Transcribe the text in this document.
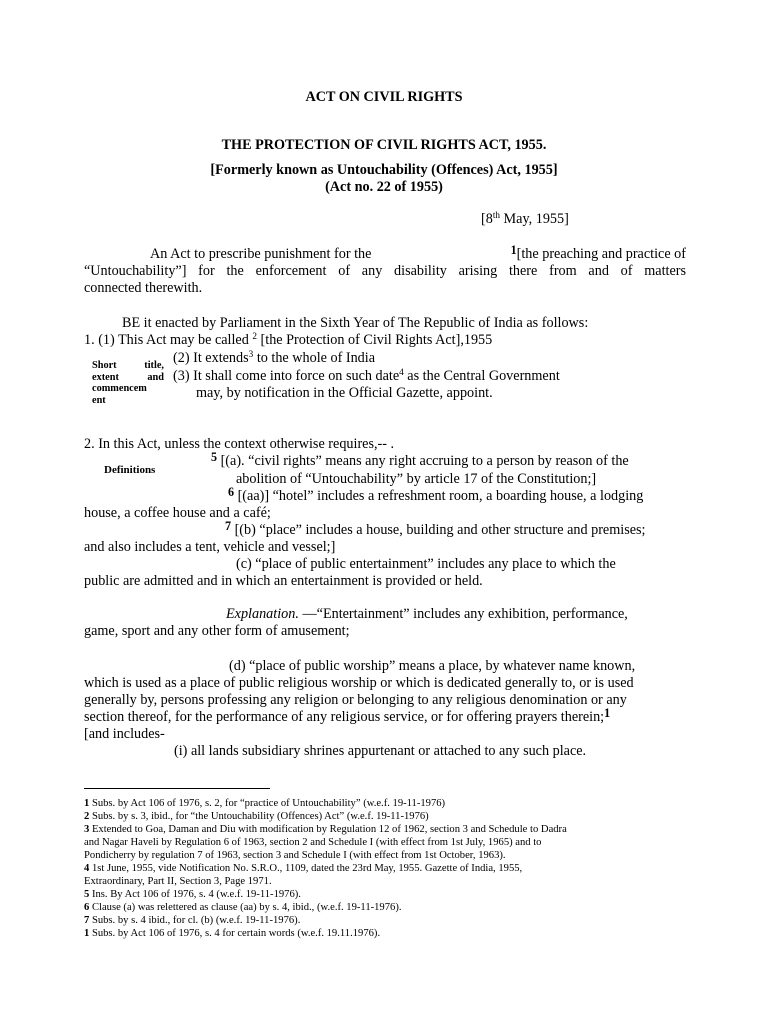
ACT ON CIVIL RIGHTS
THE PROTECTION OF CIVIL RIGHTS ACT, 1955.
[Formerly known as Untouchability (Offences) Act, 1955]
(Act no. 22 of 1955)
[8th May, 1955]
An Act to prescribe punishment for the	$^1$[the preaching and practice of
“Untouchability”] for the enforcement of any disability arising there from and of matters
connected therewith.
BE it enacted by Parliament in the Sixth Year of The Republic of India as follows:
1. (1) This Act may be called $^2$ [the Protection of Civil Rights Act],1955
(2) It extends$^3$ to the whole of India
(3) It shall come into force on such date$^4$ as the Central Government
may, by notification in the Official Gazette, appoint.
Short	title,
extent	and
commencem
ent
2. In this Act, unless the context otherwise requires,-- .
Definitions
$^5$ [(a). “civil rights” means any right accruing to a person by reason of the
abolition of “Untouchability” by article 17 of the Constitution;]
$^6$ [(aa)] “hotel” includes a refreshment room, a boarding house, a lodging
house, a coffee house and a café;
$^7$ [(b) “place” includes a house, building and other structure and premises;
and also includes a tent, vehicle and vessel;]
(c) “place of public entertainment” includes any place to which the
public are admitted and in which an entertainment is provided or held.
Explanation. —“Entertainment” includes any exhibition, performance,
game, sport and any other form of amusement;
(d) “place of public worship” means a place, by whatever name known,
which is used as a place of public religious worship or which is dedicated generally to, or is used
generally by, persons professing any religion or belonging to any religious denomination or any
section thereof, for the performance of any religious service, or for offering prayers therein;$^1$
[and includes-
(i) all lands subsidiary shrines appurtenant or attached to any such place.
1 Subs. by Act 106 of 1976, s. 2, for “practice of Untouchability” (w.e.f. 19-11-1976)
2 Subs. by s. 3, ibid., for “the Untouchability (Offences) Act” (w.e.f. 19-11-1976)
3 Extended to Goa, Daman and Diu with modification by Regulation 12 of 1962, section 3 and Schedule to Dadra
and Nagar Haveli by Regulation 6 of 1963, section 2 and Schedule I (with effect from 1st July, 1965) and to
Pondicherry by regulation 7 of 1963, section 3 and Schedule I (with effect from 1st October, 1963).
4 1st June, 1955, vide Notification No. S.R.O., 1109, dated the 23rd May, 1955. Gazette of India, 1955,
Extraordinary, Part II, Section 3, Page 1971.
5 Ins. By Act 106 of 1976, s. 4 (w.e.f. 19-11-1976).
6 Clause (a) was relettered as clause (aa) by s. 4, ibid., (w.e.f. 19-11-1976).
7 Subs. by s. 4 ibid., for cl. (b) (w.e.f. 19-11-1976).
1 Subs. by Act 106 of 1976, s. 4 for certain words (w.e.f. 19.11.1976).
